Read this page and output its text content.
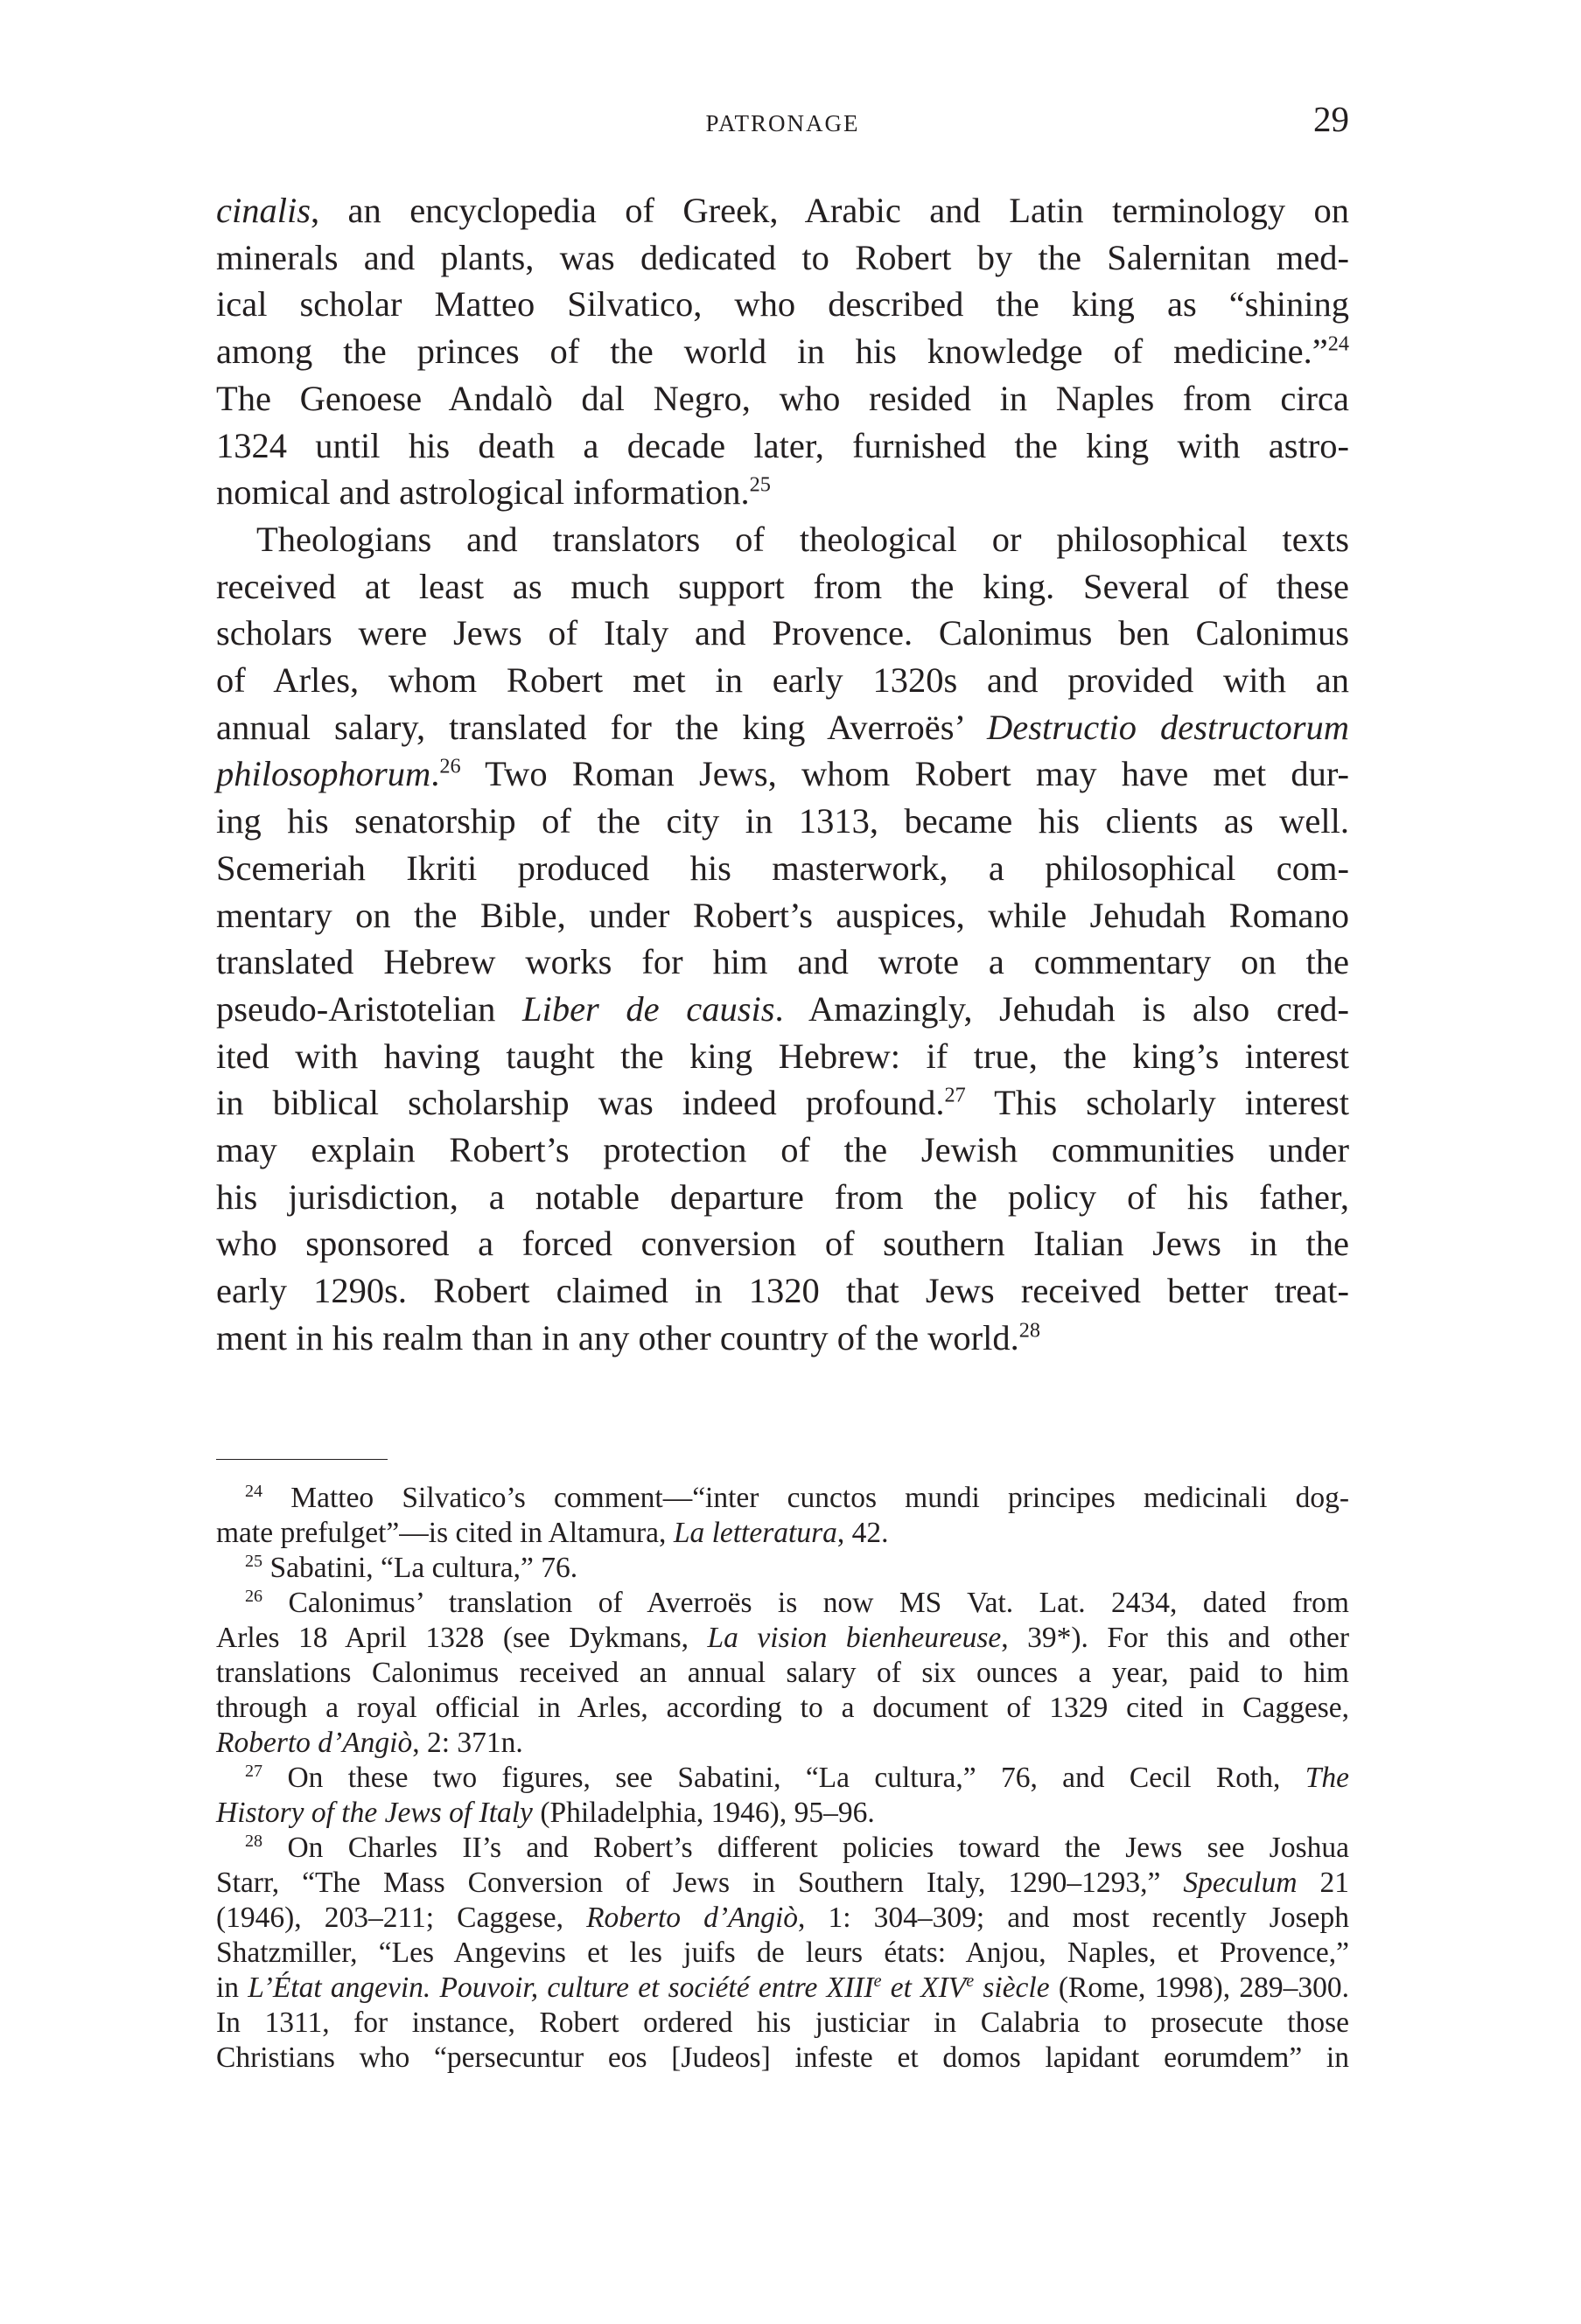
PATRONAGE	29

cinalis, an encyclopedia of Greek, Arabic and Latin terminology on
minerals and plants, was dedicated to Robert by the Salernitan med-
ical scholar Matteo Silvatico, who described the king as “shining
among the princes of the world in his knowledge of medicine.”$^{24}$
The Genoese Andalò dal Negro, who resided in Naples from circa
1324 until his death a decade later, furnished the king with astro-
nomical and astrological information.$^{25}$

Theologians and translators of theological or philosophical texts
received at least as much support from the king. Several of these
scholars were Jews of Italy and Provence. Calonimus ben Calonimus
of Arles, whom Robert met in early 1320s and provided with an
annual salary, translated for the king Averroës’ Destructio destructorum
philosophorum.$^{26}$ Two Roman Jews, whom Robert may have met dur-
ing his senatorship of the city in 1313, became his clients as well.
Scemeriah Ikriti produced his masterwork, a philosophical com-
mentary on the Bible, under Robert’s auspices, while Jehudah Romano
translated Hebrew works for him and wrote a commentary on the
pseudo-Aristotelian Liber de causis. Amazingly, Jehudah is also cred-
ited with having taught the king Hebrew: if true, the king’s interest
in biblical scholarship was indeed profound.$^{27}$ This scholarly interest
may explain Robert’s protection of the Jewish communities under
his jurisdiction, a notable departure from the policy of his father,
who sponsored a forced conversion of southern Italian Jews in the
early 1290s. Robert claimed in 1320 that Jews received better treat-
ment in his realm than in any other country of the world.$^{28}$

$^{24}$ Matteo Silvatico’s comment—“inter cunctos mundi principes medicinali dog-
mate prefulget”—is cited in Altamura, La letteratura, 42.
$^{25}$ Sabatini, “La cultura,” 76.
$^{26}$ Calonimus’ translation of Averroës is now MS Vat. Lat. 2434, dated from
Arles 18 April 1328 (see Dykmans, La vision bienheureuse, 39*). For this and other
translations Calonimus received an annual salary of six ounces a year, paid to him
through a royal official in Arles, according to a document of 1329 cited in Caggese,
Roberto d’Angiò, 2: 371n.
$^{27}$ On these two figures, see Sabatini, “La cultura,” 76, and Cecil Roth, The
History of the Jews of Italy (Philadelphia, 1946), 95–96.
$^{28}$ On Charles II’s and Robert’s different policies toward the Jews see Joshua
Starr, “The Mass Conversion of Jews in Southern Italy, 1290–1293,” Speculum 21
(1946), 203–211; Caggese, Roberto d’Angiò, 1: 304–309; and most recently Joseph
Shatzmiller, “Les Angevins et les juifs de leurs états: Anjou, Naples, et Provence,”
in L’État angevin. Pouvoir, culture et société entre XIIIe et XIVe siècle (Rome, 1998), 289–300.
In 1311, for instance, Robert ordered his justiciar in Calabria to prosecute those
Christians who “persecuntur eos [Judeos] infeste et domos lapidant eorumdem” in
